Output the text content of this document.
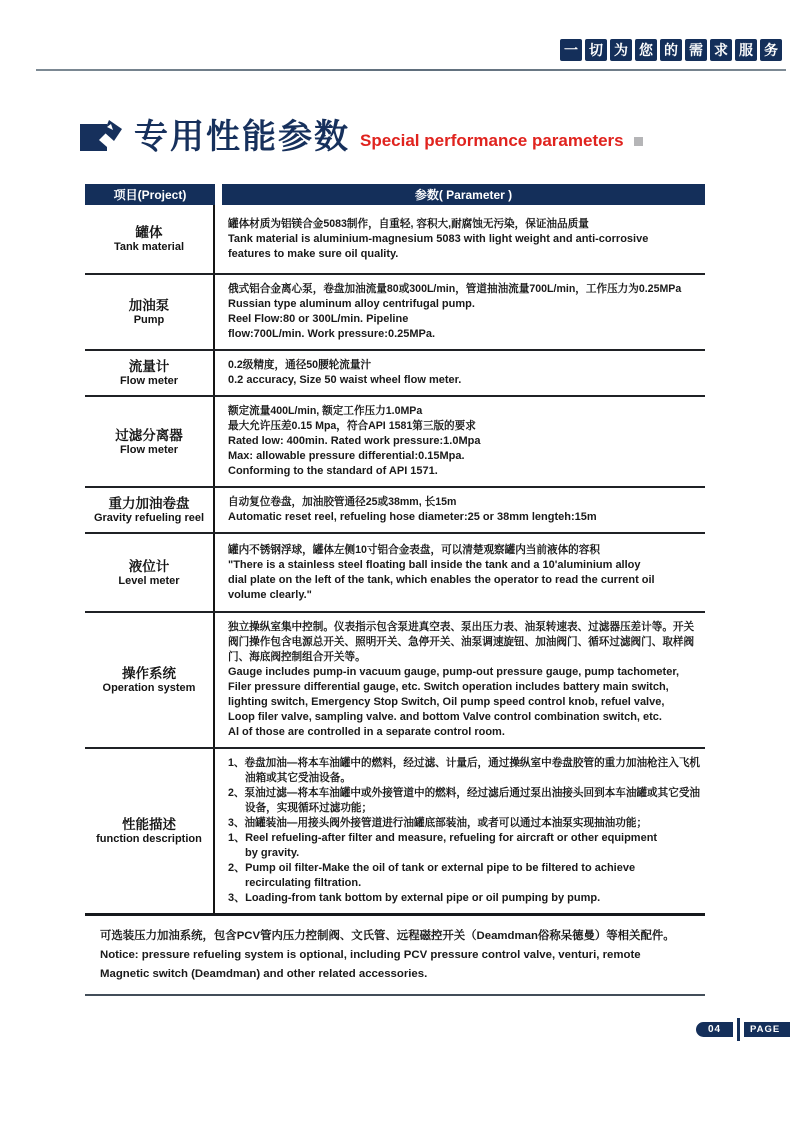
一 切 为 您 的 需 求 服 务
专用性能参数 Special performance parameters
项目(Project)	参数( Parameter )
罐体
Tank material
罐体材质为铝镁合金5083制作，自重轻, 容积大,耐腐蚀无污染，保证油品质量
Tank material is aluminium-magnesium 5083 with light weight and anti-corrosive
features to make sure oil quality.
加油泵
Pump
俄式铝合金离心泵，卷盘加油流量80或300L/min，管道抽油流量700L/min，工作压力为0.25MPa
Russian type aluminum alloy centrifugal pump.
Reel Flow:80 or 300L/min. Pipeline
flow:700L/min. Work pressure:0.25MPa.
流量计
Flow meter
0.2级精度，通径50腰轮流量汁
0.2 accuracy, Size 50 waist wheel flow meter.
过滤分离器
Flow meter
额定流量400L/min, 额定工作压力1.0MPa
最大允许压差0.15 Mpa，符合API 1581第三版的要求
Rated low: 400min. Rated work pressure:1.0Mpa
Max: allowable pressure differential:0.15Mpa.
Conforming to the standard of API 1571.
重力加油卷盘
Gravity refueling reel
自动复位卷盘，加油胶管通径25或38mm, 长15m
Automatic reset reel, refueling hose diameter:25 or 38mm lengteh:15m
液位计
Level meter
罐内不锈钢浮球，罐体左侧10寸铝合金表盘，可以清楚观察罐内当前液体的容积
"There is a stainless steel floating ball inside the tank and a 10'aluminium alloy
dial plate on the left of the tank, which enables the operator to read the current oil
volume clearly."
操作系统
Operation system
独立操纵室集中控制。仪表指示包含泵进真空表、泵出压力表、油泵转速表、过滤器压差计等。开关
阀门操作包含电源总开关、照明开关、急停开关、油泵调速旋钮、加油阀门、循环过滤阀门、取样阀
门、海底阀控制组合开关等。
Gauge includes pump-in vacuum gauge, pump-out pressure gauge, pump tachometer,
Filer pressure differential gauge, etc. Switch operation includes battery main switch,
lighting switch, Emergency Stop Switch, Oil pump speed control knob, refuel valve,
Loop filer valve, sampling valve. and bottom Valve control combination switch, etc.
Al of those are controlled in a separate control room.
性能描述
function description
1、卷盘加油—将本车油罐中的燃料，经过滤、计量后，通过操纵室中卷盘胶管的重力加油枪注入飞机
油箱或其它受油设备。
2、泵油过滤—将本车油罐中或外接管道中的燃料，经过滤后通过泵出油接头回到本车油罐或其它受油
设备，实现循环过滤功能；
3、油罐装油—用接头阀外接管道进行油罐底部装油，或者可以通过本油泵实现抽油功能；
1、Reel refueling-after filter and measure, refueling for aircraft or other equipment
by gravity.
2、Pump oil filter-Make the oil of tank or external pipe to be filtered to achieve
recirculating filtration.
3、Loading-from tank bottom by external pipe or oil pumping by pump.
可选装压力加油系统，包含PCV管内压力控制阀、文氏管、远程磁控开关（Deamdman俗称呆德曼）等相关配件。
Notice: pressure refueling system is optional, including PCV pressure control valve, venturi, remote
Magnetic switch (Deamdman) and other related accessories.
04	PAGE
